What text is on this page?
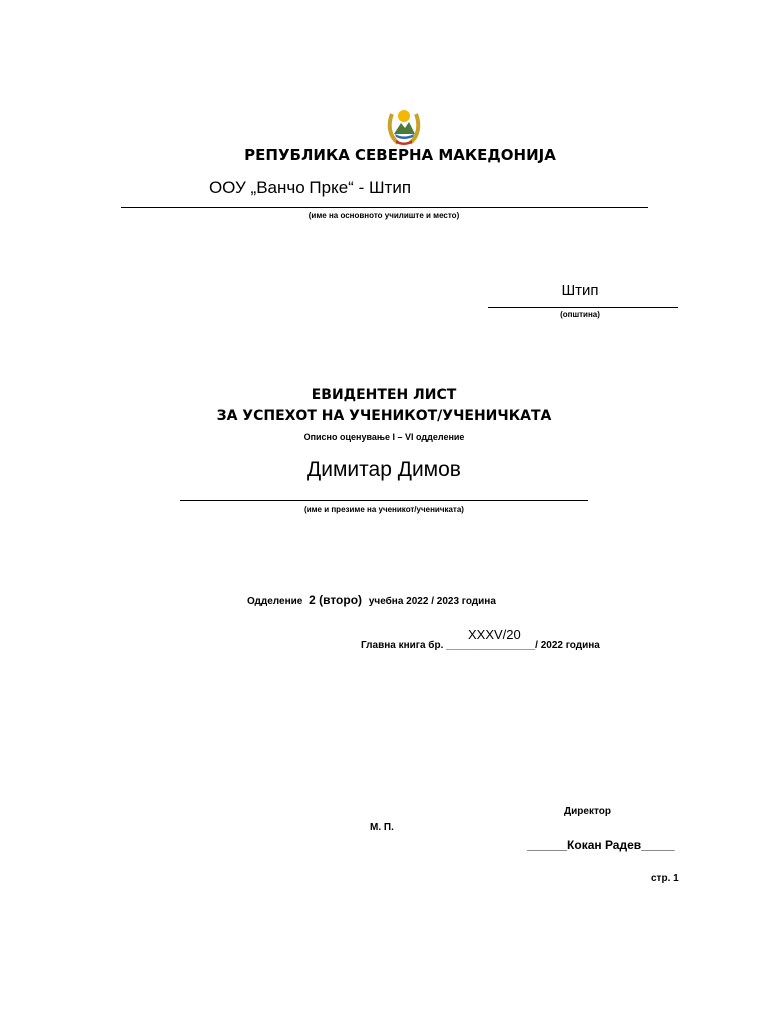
РЕПУБЛИКА СЕВЕРНА МАКЕДОНИЈА
ООУ „Ванчо Прке“ - Штип
(име на основното училиште и место)
Штип
(општина)
ЕВИДЕНТЕН ЛИСТ
ЗА УСПЕХОТ НА УЧЕНИКОТ/УЧЕНИЧКАТА
Описно оценување I – VI одделение
Димитар Димов
(име и презиме на ученикот/ученичката)
Одделение 2 (второ) учебна 2022 / 2023 година
XXXV/20
Главна книга бр. ________________/ 2022 година
Директор
М. П.
______Кокан Радев_____
стр. 1
